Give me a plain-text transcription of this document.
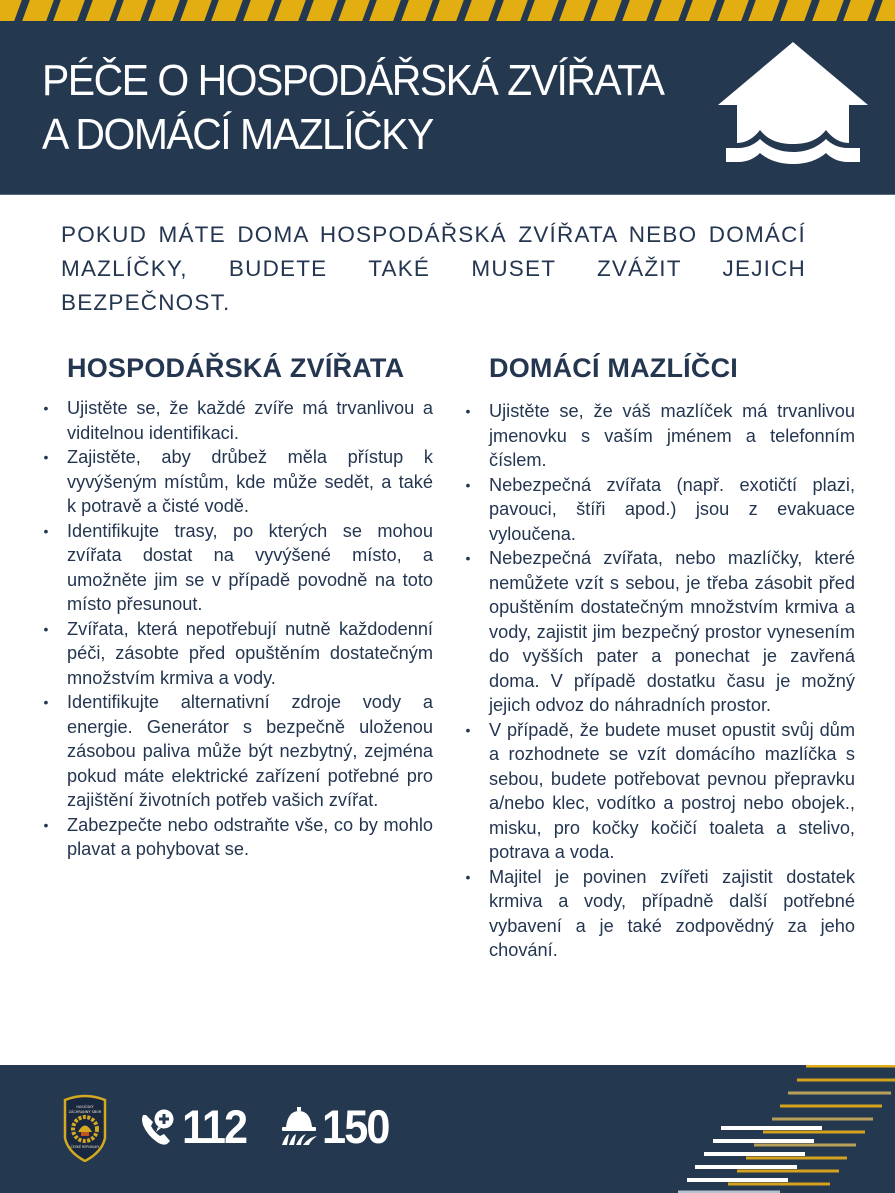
PÉČE O HOSPODÁŘSKÁ ZVÍŘATA
A DOMÁCÍ MAZLÍČKY

POKUD MÁTE DOMA HOSPODÁŘSKÁ ZVÍŘATA NEBO DOMÁCÍ MAZLÍČKY, BUDETE TAKÉ MUSET ZVÁŽIT JEJICH BEZPEČNOST.

HOSPODÁŘSKÁ ZVÍŘATA
• Ujistěte se, že každé zvíře má trvanlivou a viditelnou identifikaci.
• Zajistěte, aby drůbež měla přístup k vyvýšeným místům, kde může sedět, a také k potravě a čisté vodě.
• Identifikujte trasy, po kterých se mohou zvířata dostat na vyvýšené místo, a umožněte jim se v případě povodně na toto místo přesunout.
• Zvířata, která nepotřebují nutně každodenní péči, zásobte před opuštěním dostatečným množstvím krmiva a vody.
• Identifikujte alternativní zdroje vody a energie. Generátor s bezpečně uloženou zásobou paliva může být nezbytný, zejména pokud máte elektrické zařízení potřebné pro zajištění životních potřeb vašich zvířat.
• Zabezpečte nebo odstraňte vše, co by mohlo plavat a pohybovat se.
DOMÁCÍ MAZLÍČCI
• Ujistěte se, že váš mazlíček má trvanlivou jmenovku s vaším jménem a telefonním číslem.
• Nebezpečná zvířata (např. exotičtí plazi, pavouci, štíři apod.) jsou z evakuace vyloučena.
• Nebezpečná zvířata, nebo mazlíčky, které nemůžete vzít s sebou, je třeba zásobit před opuštěním dostatečným množstvím krmiva a vody, zajistit jim bezpečný prostor vynesením do vyšších pater a ponechat je zavřená doma. V případě dostatku času je možný jejich odvoz do náhradních prostor.
• V případě, že budete muset opustit svůj dům a rozhodnete se vzít domácího mazlíčka s sebou, budete potřebovat pevnou přepravku a/nebo klec, vodítko a postroj nebo obojek., misku, pro kočky kočičí toaleta a stelivo, potrava a voda.
• Majitel je povinen zvířeti zajistit dostatek krmiva a vody, případně další potřebné vybavení a je také zodpovědný za jeho chování.
HASIČSKÝ
ZÁCHRANNÝ SBOR
ČESKÉ REPUBLIKY 112 150
